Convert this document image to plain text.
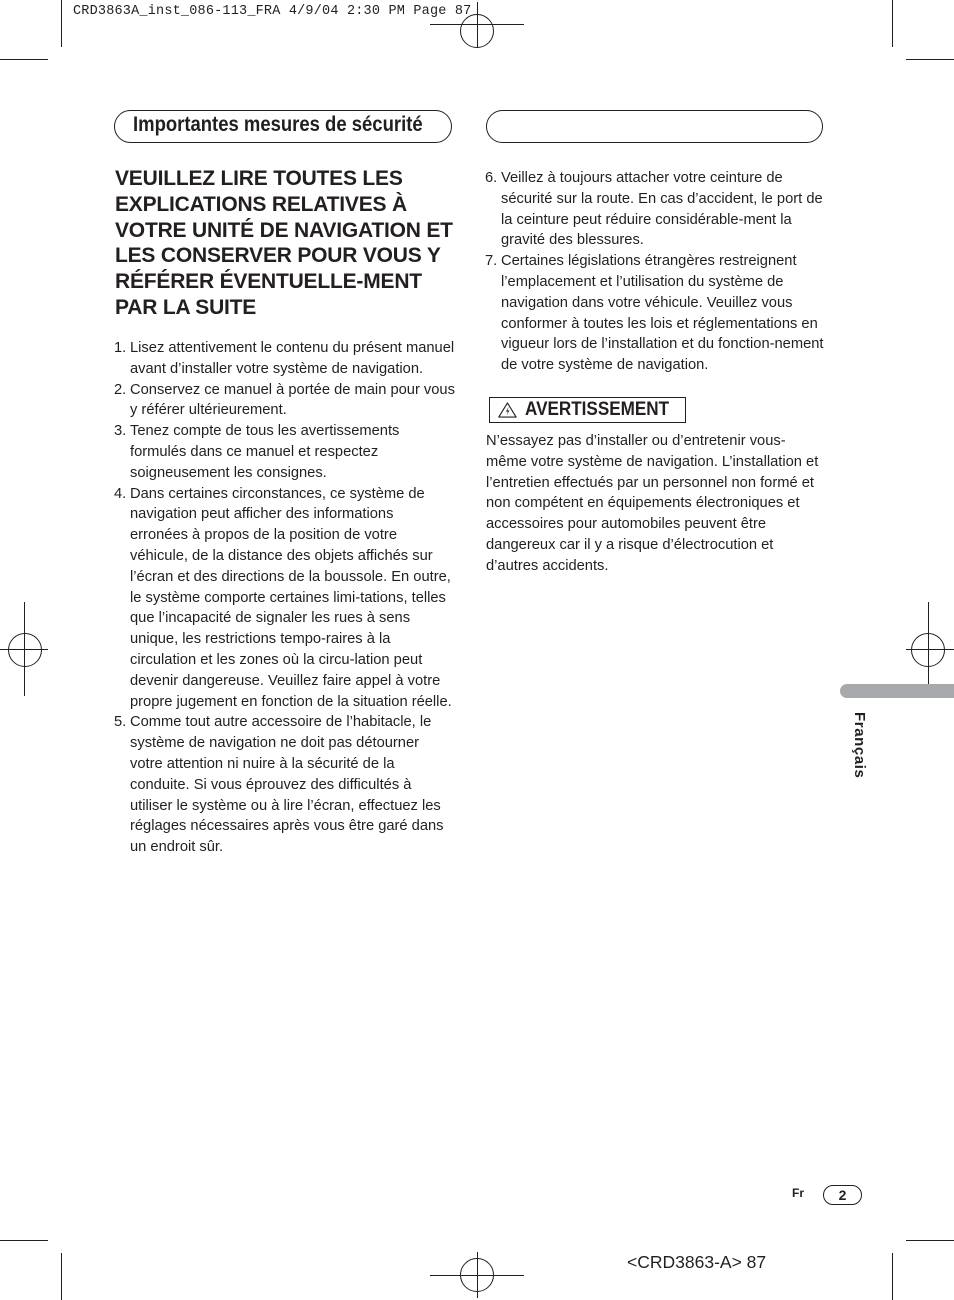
CRD3863A_inst_086-113_FRA 4/9/04 2:30 PM Page 87
Importantes mesures de sécurité
VEUILLEZ LIRE TOUTES LES EXPLICATIONS RELATIVES À VOTRE UNITÉ DE NAVIGATION ET LES CONSERVER POUR VOUS Y RÉFÉRER ÉVENTUELLE-MENT PAR LA SUITE
1. Lisez attentivement le contenu du présent manuel avant d’installer votre système de navigation.
2. Conservez ce manuel à portée de main pour vous y référer ultérieurement.
3. Tenez compte de tous les avertissements formulés dans ce manuel et respectez soigneusement les consignes.
4. Dans certaines circonstances, ce système de navigation peut afficher des informations erronées à propos de la position de votre véhicule, de la distance des objets affichés sur l’écran et des directions de la boussole. En outre, le système comporte certaines limi-tations, telles que l’incapacité de signaler les rues à sens unique, les restrictions tempo-raires à la circulation et les zones où la circu-lation peut devenir dangereuse. Veuillez faire appel à votre propre jugement en fonction de la situation réelle.
5. Comme tout autre accessoire de l’habitacle, le système de navigation ne doit pas détourner votre attention ni nuire à la sécurité de la conduite. Si vous éprouvez des difficultés à utiliser le système ou à lire l’écran, effectuez les réglages nécessaires après vous être garé dans un endroit sûr.
6. Veillez à toujours attacher votre ceinture de sécurité sur la route. En cas d’accident, le port de la ceinture peut réduire considérable-ment la gravité des blessures.
7. Certaines législations étrangères restreignent l’emplacement et l’utilisation du système de navigation dans votre véhicule. Veuillez vous conformer à toutes les lois et réglementations en vigueur lors de l’installation et du fonction-nement de votre système de navigation.
AVERTISSEMENT

N’essayez pas d’installer ou d’entretenir vous-même votre système de navigation. L’installation et l’entretien effectués par un personnel non formé et non compétent en équipements électroniques et accessoires pour automobiles peuvent être dangereux car il y a risque d’électrocution et d’autres accidents.

Français
Fr	2
<CRD3863-A> 87
